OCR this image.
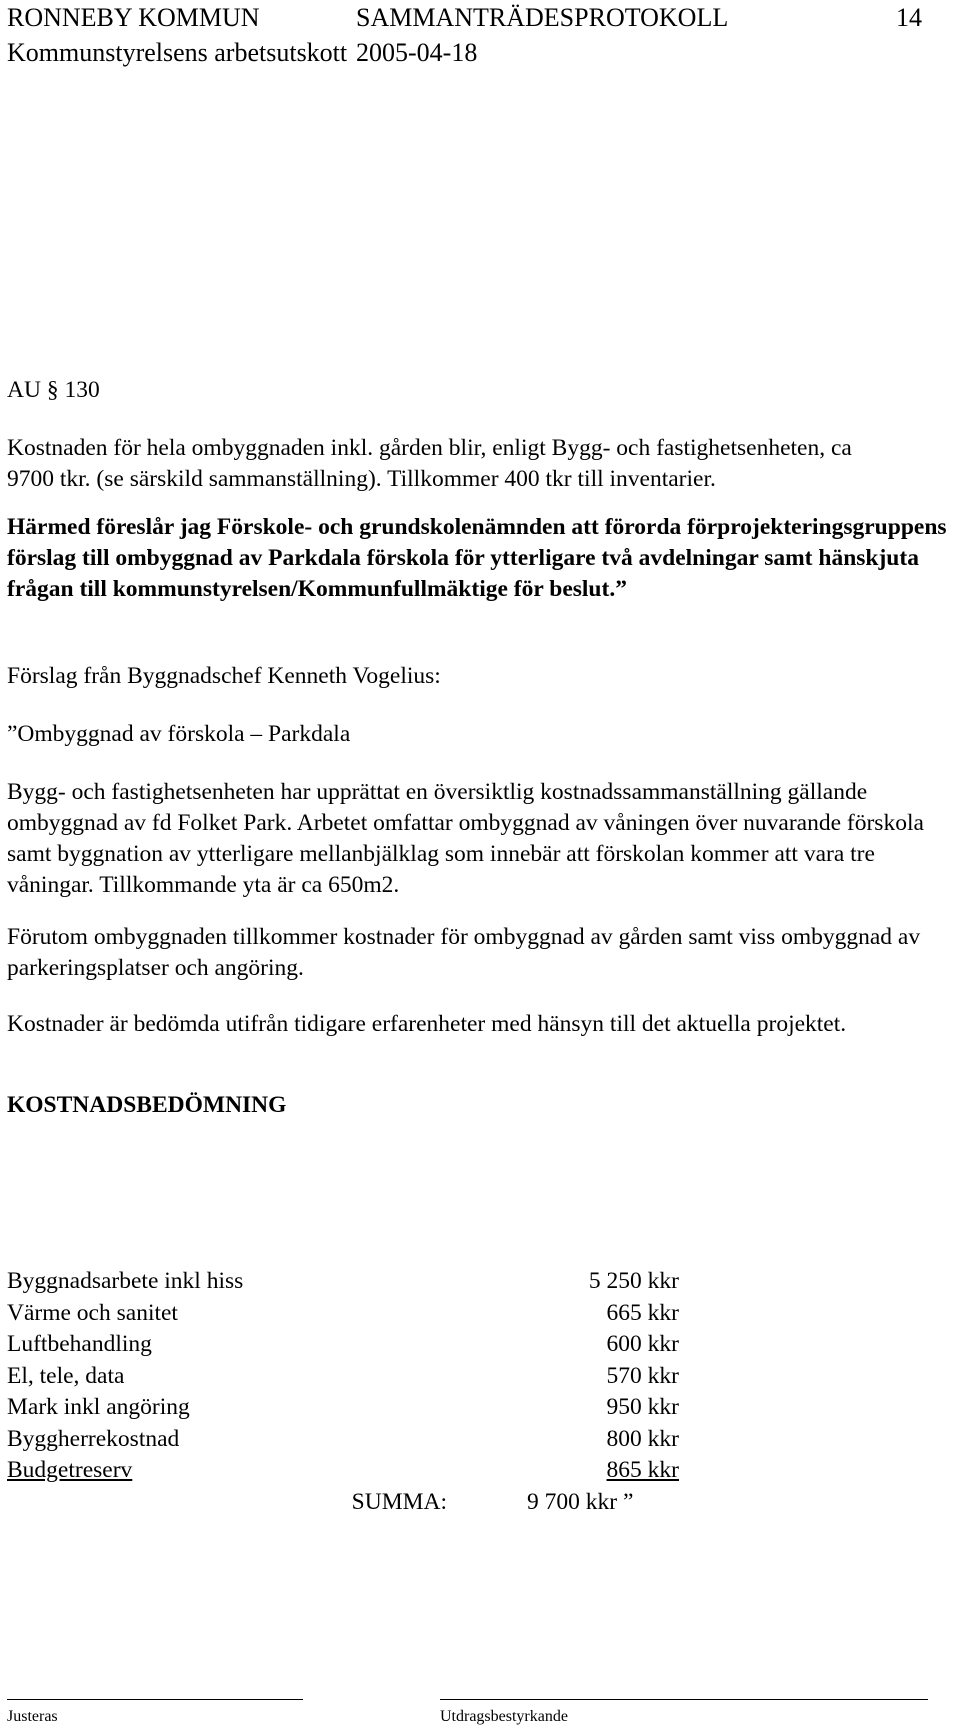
RONNEBY KOMMUN	SAMMANTRÄDESPROTOKOLL	14
Kommunstyrelsens arbetsutskott 2005-04-18

AU § 130

Kostnaden för hela ombyggnaden inkl. gården blir, enligt Bygg- och fastighetsenheten, ca 9700 tkr. (se särskild sammanställning). Tillkommer 400 tkr till inventarier.

Härmed föreslår jag Förskole- och grundskolenämnden att förorda förprojekteringsgruppens förslag till ombyggnad av Parkdala förskola för ytterligare två avdelningar samt hänskjuta frågan till kommunstyrelsen/Kommunfullmäktige för beslut.”

Förslag från Byggnadschef Kenneth Vogelius:

”Ombyggnad av förskola – Parkdala

Bygg- och fastighetsenheten har upprättat en översiktlig kostnadssammanställning gällande ombyggnad av fd Folket Park. Arbetet omfattar ombyggnad av våningen över nuvarande förskola samt byggnation av ytterligare mellanbjälklag som innebär att förskolan kommer att vara tre våningar. Tillkommande yta är ca 650m2.

Förutom ombyggnaden tillkommer kostnader för ombyggnad av gården samt viss ombyggnad av parkeringsplatser och angöring.

Kostnader är bedömda utifrån tidigare erfarenheter med hänsyn till det aktuella projektet.

KOSTNADSBEDÖMNING

Byggnadsarbete inkl hiss	5 250 kkr
Värme och sanitet	665 kkr
Luftbehandling	600 kkr
El, tele, data	570 kkr
Mark inkl angöring	950 kkr
Byggherrekostnad	800 kkr
Budgetreserv	865 kkr
SUMMA:	9 700 kkr ”
Justeras	Utdragsbestyrkande
